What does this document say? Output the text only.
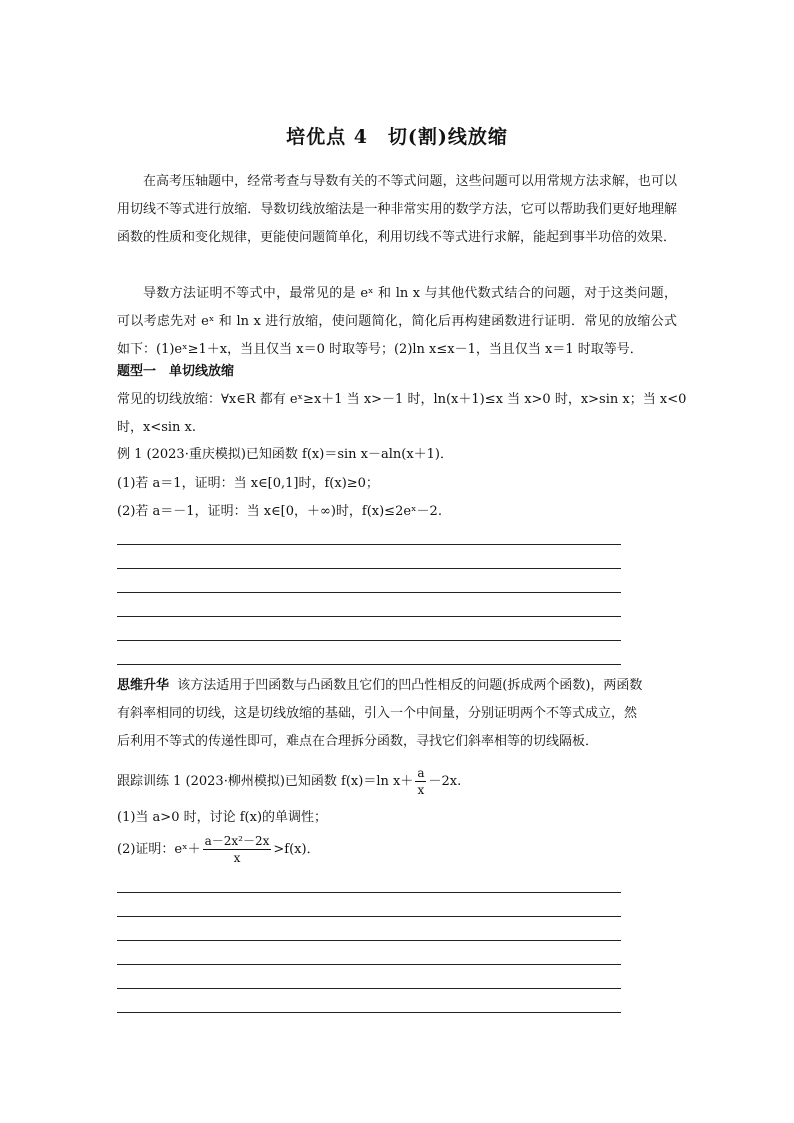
培优点 4　切(割)线放缩
在高考压轴题中，经常考查与导数有关的不等式问题，这些问题可以用常规方法求解，也可以用切线不等式进行放缩．导数切线放缩法是一种非常实用的数学方法，它可以帮助我们更好地理解函数的性质和变化规律，更能使问题简单化，利用切线不等式进行求解，能起到事半功倍的效果．
导数方法证明不等式中，最常见的是 eˣ 和 ln x 与其他代数式结合的问题，对于这类问题，可以考虑先对 eˣ 和 ln x 进行放缩，使问题简化，简化后再构建函数进行证明．常见的放缩公式如下：(1)eˣ≥1＋x，当且仅当 x＝0 时取等号；(2)ln x≤x－1，当且仅当 x＝1 时取等号．
题型一　单切线放缩
常见的切线放缩：∀x∈R 都有 eˣ≥x＋1 当 x>－1 时，ln(x＋1)≤x 当 x>0 时，x>sin x；当 x<0
时，x<sin x.
例 1 (2023·重庆模拟)已知函数 f(x)＝sin x－aln(x＋1)．
(1)若 a＝1，证明：当 x∈[0,1]时，f(x)≥0；
(2)若 a＝－1，证明：当 x∈[0，＋∞)时，f(x)≤2eˣ－2.
思维升华 该方法适用于凹函数与凸函数且它们的凹凸性相反的问题(拆成两个函数)，两函数
有斜率相同的切线，这是切线放缩的基础，引入一个中间量，分别证明两个不等式成立，然
后利用不等式的传递性即可，难点在合理拆分函数，寻找它们斜率相等的切线隔板．
跟踪训练 1 (2023·柳州模拟)已知函数 f(x)＝ln $x+ \frac{a}{x} -2x$.
(1)当 a>0 时，讨论 f(x)的单调性；
(2)证明：eˣ＋ $\frac{\text{a－2x²－2x}}{x} >f(x)$．
